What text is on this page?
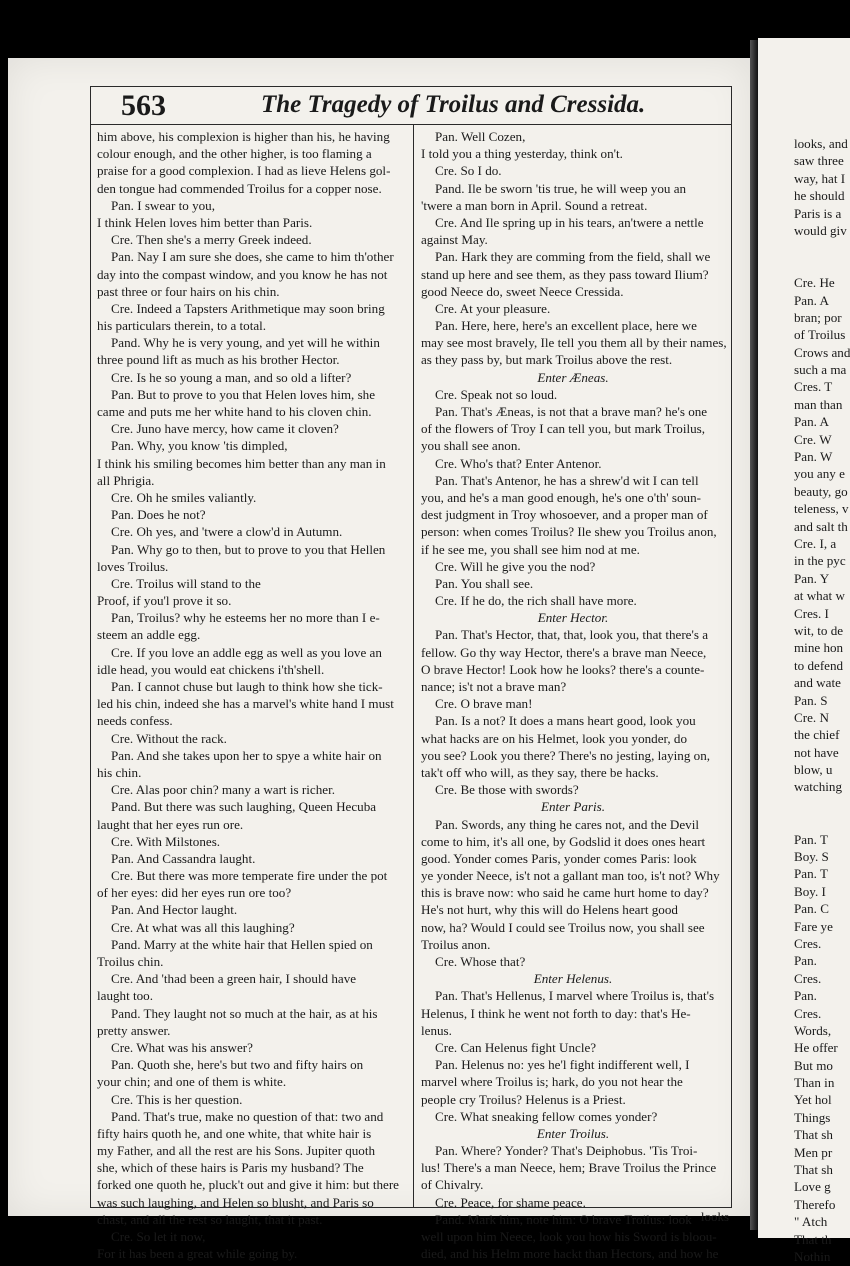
looks, and
saw three
way, hat I
he should
Paris is a
would giv
Cre. He
Pan. A
bran; por
of Troilus
Crows and
such a ma
Cres. T
man than
Pan. A
Cre. W
Pan. W
you any e
beauty, go
teleness, v
and salt th
Cre. I, a
in the pyc
Pan. Y
at what w
Cres. I
wit, to de
mine hon
to defend
and wate
Pan. S
Cre. N
the chief
not have
blow, u
watching
Pan. T
Boy. S
Pan. T
Boy. I
Pan. C
Fare ye
Cres.
Pan.
Cres.
Pan.
Cres.
Words,
He offer
But mo
Than in
Yet hol
Things
That sh
Men pr
That sh
Love g
Therefo
" Atch
That th
Nothin
563	The Tragedy of Troilus and Cressida.
him above, his complexion is higher than his, he having
colour enough, and the other higher, is too flaming a
praise for a good complexion. I had as lieve Helens gol-
den tongue had commended Troilus for a copper nose.
Pan. I swear to you,
I think Helen loves him better than Paris.
Cre. Then she's a merry Greek indeed.
Pan. Nay I am sure she does, she came to him th'other
day into the compast window, and you know he has not
past three or four hairs on his chin.
Cre. Indeed a Tapsters Arithmetique may soon bring
his particulars therein, to a total.
Pand. Why he is very young, and yet will he within
three pound lift as much as his brother Hector.
Cre. Is he so young a man, and so old a lifter?
Pan. But to prove to you that Helen loves him, she
came and puts me her white hand to his cloven chin.
Cre. Juno have mercy, how came it cloven?
Pan. Why, you know 'tis dimpled,
I think his smiling becomes him better than any man in
all Phrigia.
Cre. Oh he smiles valiantly.
Pan. Does he not?
Cre. Oh yes, and 'twere a clow'd in Autumn.
Pan. Why go to then, but to prove to you that Hellen
loves Troilus.
Cre. Troilus will stand to the
Proof, if you'l prove it so.
Pan, Troilus? why he esteems her no more than I e-
steem an addle egg.
Cre. If you love an addle egg as well as you love an
idle head, you would eat chickens i'th'shell.
Pan. I cannot chuse but laugh to think how she tick-
led his chin, indeed she has a marvel's white hand I must
needs confess.
Cre. Without the rack.
Pan. And she takes upon her to spye a white hair on
his chin.
Cre. Alas poor chin? many a wart is richer.
Pand. But there was such laughing, Queen Hecuba
laught that her eyes run ore.
Cre. With Milstones.
Pan. And Cassandra laught.
Cre. But there was more temperate fire under the pot
of her eyes: did her eyes run ore too?
Pan. And Hector laught.
Cre. At what was all this laughing?
Pand. Marry at the white hair that Hellen spied on
Troilus chin.
Cre. And 'thad been a green hair, I should have
laught too.
Pand. They laught not so much at the hair, as at his
pretty answer.
Cre. What was his answer?
Pan. Quoth she, here's but two and fifty hairs on
your chin; and one of them is white.
Cre. This is her question.
Pand. That's true, make no question of that: two and
fifty hairs quoth he, and one white, that white hair is
my Father, and all the rest are his Sons. Jupiter quoth
she, which of these hairs is Paris my husband? The
forked one quoth he, pluck't out and give it him: but there
was such laughing, and Helen so blusht, and Paris so
chast, and all the rest so laught, that it past.
Cre. So let it now,
For it has been a great while going by.
Pan. Well Cozen,
I told you a thing yesterday, think on't.
Cre. So I do.
Pand. Ile be sworn 'tis true, he will weep you an
'twere a man born in April. Sound a retreat.
Cre. And Ile spring up in his tears, an'twere a nettle
against May.
Pan. Hark they are comming from the field, shall we
stand up here and see them, as they pass toward Ilium?
good Neece do, sweet Neece Cressida.
Cre. At your pleasure.
Pan. Here, here, here's an excellent place, here we
may see most bravely, Ile tell you them all by their names,
as they pass by, but mark Troilus above the rest.
Enter Æneas.
Cre. Speak not so loud.
Pan. That's Æneas, is not that a brave man? he's one
of the flowers of Troy I can tell you, but mark Troilus,
you shall see anon.
Cre. Who's that? Enter Antenor.
Pan. That's Antenor, he has a shrew'd wit I can tell
you, and he's a man good enough, he's one o'th' soun-
dest judgment in Troy whosoever, and a proper man of
person: when comes Troilus? Ile shew you Troilus anon,
if he see me, you shall see him nod at me.
Cre. Will he give you the nod?
Pan. You shall see.
Cre. If he do, the rich shall have more.
Enter Hector.
Pan. That's Hector, that, that, look you, that there's a
fellow. Go thy way Hector, there's a brave man Neece,
O brave Hector! Look how he looks? there's a counte-
nance; is't not a brave man?
Cre. O brave man!
Pan. Is a not? It does a mans heart good, look you
what hacks are on his Helmet, look you yonder, do
you see? Look you there? There's no jesting, laying on,
tak't off who will, as they say, there be hacks.
Cre. Be those with swords?
Enter Paris.
Pan. Swords, any thing he cares not, and the Devil
come to him, it's all one, by Godslid it does ones heart
good. Yonder comes Paris, yonder comes Paris: look
ye yonder Neece, is't not a gallant man too, is't not? Why
this is brave now: who said he came hurt home to day?
He's not hurt, why this will do Helens heart good
now, ha? Would I could see Troilus now, you shall see
Troilus anon.
Cre. Whose that?
Enter Helenus.
Pan. That's Hellenus, I marvel where Troilus is, that's
Helenus, I think he went not forth to day: that's He-
lenus.
Cre. Can Helenus fight Uncle?
Pan. Helenus no: yes he'l fight indifferent well, I
marvel where Troilus is; hark, do you not hear the
people cry Troilus? Helenus is a Priest.
Cre. What sneaking fellow comes yonder?
Enter Troilus.
Pan. Where? Yonder? That's Deiphobus. 'Tis Troi-
lus! There's a man Neece, hem; Brave Troilus the Prince
of Chivalry.
Cre. Peace, for shame peace.
Pand. Mark him, note him: O brave Troilus: look
well upon him Neece, look you how his Sword is bloou-
died, and his Helm more hackt than Hectors, and how he
looks
